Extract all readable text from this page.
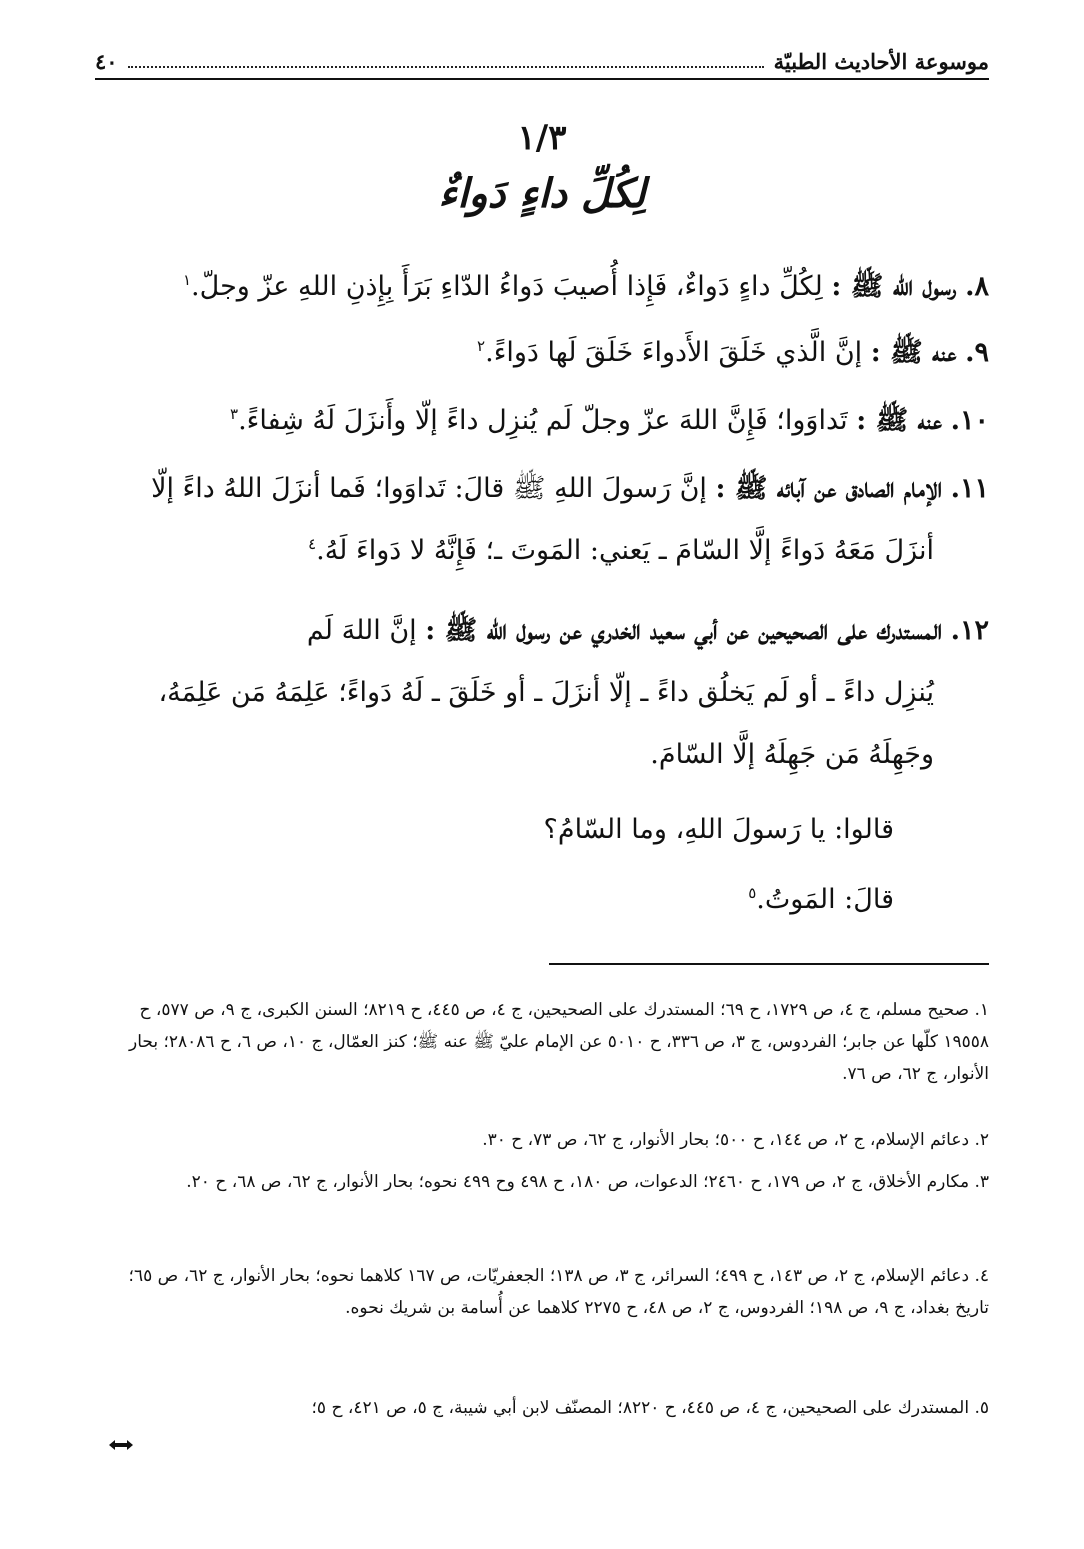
موسوعة الأحاديث الطبيّة
٤٠
١/٣
لِكُلِّ داءٍ دَواءٌ
٨. رسول الله ﷺ : لِكُلِّ داءٍ دَواءٌ، فَإِذا أُصيبَ دَواءُ الدّاءِ بَرَأَ بِإِذنِ اللهِ عزّ وجلّ.$^١$
٩. عنه ﷺ : إنَّ الَّذي خَلَقَ الأَدواءَ خَلَقَ لَها دَواءً.$^٢$
١٠. عنه ﷺ : تَداوَوا؛ فَإِنَّ اللهَ عزّ وجلّ لَم يُنزِل داءً إلّا وأَنزَلَ لَهُ شِفاءً.$^٣$
١١. الإمام الصادق عن آبائه ﷺ : إنَّ رَسولَ اللهِ ﷺ قالَ: تَداوَوا؛ فَما أنزَلَ اللهُ داءً إلّا
أنزَلَ مَعَهُ دَواءً إلَّا السّامَ ـ يَعني: المَوتَ ـ؛ فَإِنَّهُ لا دَواءَ لَهُ.$^٤$
١٢. المستدرك على الصحيحين عن أبي سعيد الخدري عن رسول الله ﷺ : إنَّ اللهَ لَم
يُنزِل داءً ـ أو لَم يَخلُق داءً ـ إلّا أنزَلَ ـ أو خَلَقَ ـ لَهُ دَواءً؛ عَلِمَهُ مَن عَلِمَهُ،
وجَهِلَهُ مَن جَهِلَهُ إلَّا السّامَ.
قالوا: يا رَسولَ اللهِ، وما السّامُ؟
قالَ: المَوتُ.$^٥$
١. صحيح مسلم، ج ٤، ص ١٧٢٩، ح ٦٩؛ المستدرك على الصحيحين، ج ٤، ص ٤٤٥، ح ٨٢١٩؛ السنن الكبرى، ج ٩، ص ٥٧٧، ح ١٩٥٥٨ كلّها عن جابر؛ الفردوس، ج ٣، ص ٣٣٦، ح ٥٠١٠ عن الإمام عليّ ﷺ عنه ﷺ؛ كنز العمّال، ج ١٠، ص ٦، ح ٢٨٠٨٦؛ بحار الأنوار، ج ٦٢، ص ٧٦.
٢. دعائم الإسلام، ج ٢، ص ١٤٤، ح ٥٠٠؛ بحار الأنوار، ج ٦٢، ص ٧٣، ح ٣٠.
٣. مكارم الأخلاق، ج ٢، ص ١٧٩، ح ٢٤٦٠؛ الدعوات، ص ١٨٠، ح ٤٩٨ وح ٤٩٩ نحوه؛ بحار الأنوار، ج ٦٢، ص ٦٨، ح ٢٠.
٤. دعائم الإسلام، ج ٢، ص ١٤٣، ح ٤٩٩؛ السرائر، ج ٣، ص ١٣٨؛ الجعفريّات، ص ١٦٧ كلاهما نحوه؛ بحار الأنوار، ج ٦٢، ص ٦٥؛ تاريخ بغداد، ج ٩، ص ١٩٨؛ الفردوس، ج ٢، ص ٤٨، ح ٢٢٧٥ كلاهما عن أُسامة بن شريك نحوه.
٥. المستدرك على الصحيحين، ج ٤، ص ٤٤٥، ح ٨٢٢٠؛ المصنّف لابن أبي شيبة، ج ٥، ص ٤٢١، ح ٥؛
